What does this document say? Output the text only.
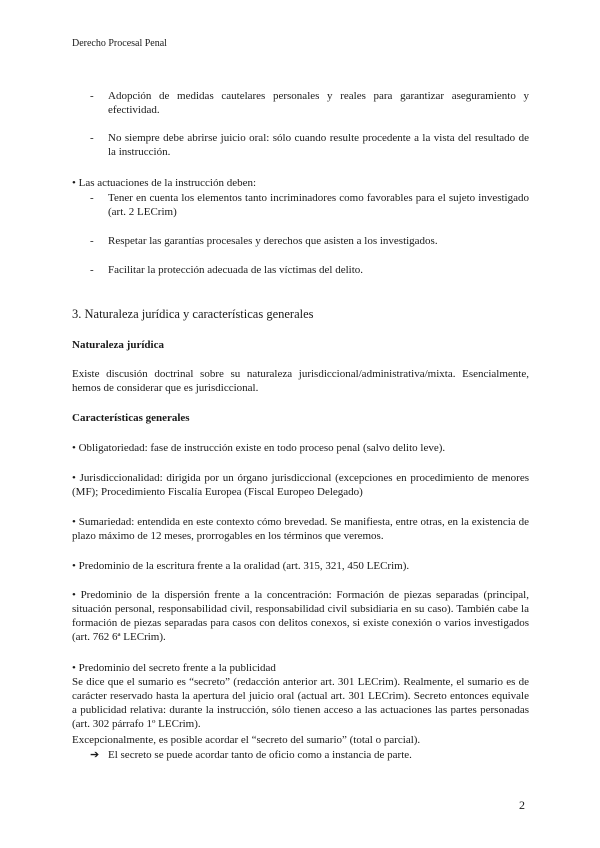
Derecho Procesal Penal
- Adopción de medidas cautelares personales y reales para garantizar aseguramiento y efectividad.
- No siempre debe abrirse juicio oral: sólo cuando resulte procedente a la vista del resultado de la instrucción.
• Las actuaciones de la instrucción deben:
- Tener en cuenta los elementos tanto incriminadores como favorables para el sujeto investigado (art. 2 LECrim)
- Respetar las garantías procesales y derechos que asisten a los investigados.
- Facilitar la protección adecuada de las víctimas del delito.
3. Naturaleza jurídica y características generales
Naturaleza jurídica
Existe discusión doctrinal sobre su naturaleza jurisdiccional/administrativa/mixta. Esencialmente, hemos de considerar que es jurisdiccional.
Características generales
• Obligatoriedad: fase de instrucción existe en todo proceso penal (salvo delito leve).
• Jurisdiccionalidad: dirigida por un órgano jurisdiccional (excepciones en procedimiento de menores (MF); Procedimiento Fiscalía Europea (Fiscal Europeo Delegado)
• Sumariedad: entendida en este contexto cómo brevedad. Se manifiesta, entre otras, en la existencia de plazo máximo de 12 meses, prorrogables en los términos que veremos.
• Predominio de la escritura frente a la oralidad (art. 315, 321, 450 LECrim).
• Predominio de la dispersión frente a la concentración: Formación de piezas separadas (principal, situación personal, responsabilidad civil, responsabilidad civil subsidiaria en su caso). También cabe la formación de piezas separadas para casos con delitos conexos, si existe conexión o varios investigados (art. 762 6ª LECrim).
• Predominio del secreto frente a la publicidad
Se dice que el sumario es “secreto” (redacción anterior art. 301 LECrim). Realmente, el sumario es de carácter reservado hasta la apertura del juicio oral (actual art. 301 LECrim). Secreto entonces equivale a publicidad relativa: durante la instrucción, sólo tienen acceso a las actuaciones las partes personadas (art. 302 párrafo 1º LECrim).
Excepcionalmente, es posible acordar el “secreto del sumario” (total o parcial).
➔ El secreto se puede acordar tanto de oficio como a instancia de parte.
2
